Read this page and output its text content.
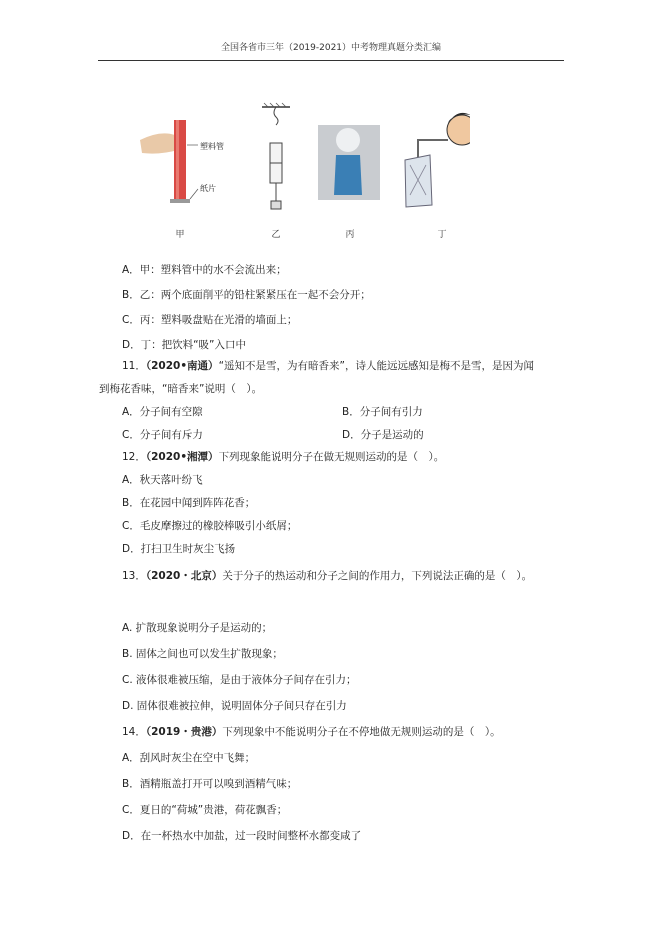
全国各省市三年（2019-2021）中考物理真题分类汇编
塑料管
纸片
甲	乙	丙	丁
A．甲：塑料管中的水不会流出来；
B．乙：两个底面削平的铅柱紧紧压在一起不会分开；
C．丙：塑料吸盘贴在光滑的墙面上；
D．丁：把饮料“吸”入口中
11．（2020•南通）“遥知不是雪，为有暗香来”，诗人能远远感知是梅不是雪，是因为闻
到梅花香味，“暗香来”说明（　）。
A．分子间有空隙	B．分子间有引力
C．分子间有斥力	D．分子是运动的
12．（2020•湘潭）下列现象能说明分子在做无规则运动的是（　）。
A．秋天落叶纷飞
B．在花园中闻到阵阵花香；
C．毛皮摩擦过的橡胶棒吸引小纸屑；
D．打扫卫生时灰尘飞扬
13．（2020・北京）关于分子的热运动和分子之间的作用力，下列说法正确的是（　）。
A. 扩散现象说明分子是运动的；
B. 固体之间也可以发生扩散现象；
C. 液体很难被压缩，是由于液体分子间存在引力；
D. 固体很难被拉伸，说明固体分子间只存在引力
14．（2019・贵港）下列现象中不能说明分子在不停地做无规则运动的是（　）。
A．刮风时灰尘在空中飞舞；
B．酒精瓶盖打开可以嗅到酒精气味；
C．夏日的“荷城”贵港，荷花飘香；
D．在一杯热水中加盐，过一段时间整杯水都变咸了
